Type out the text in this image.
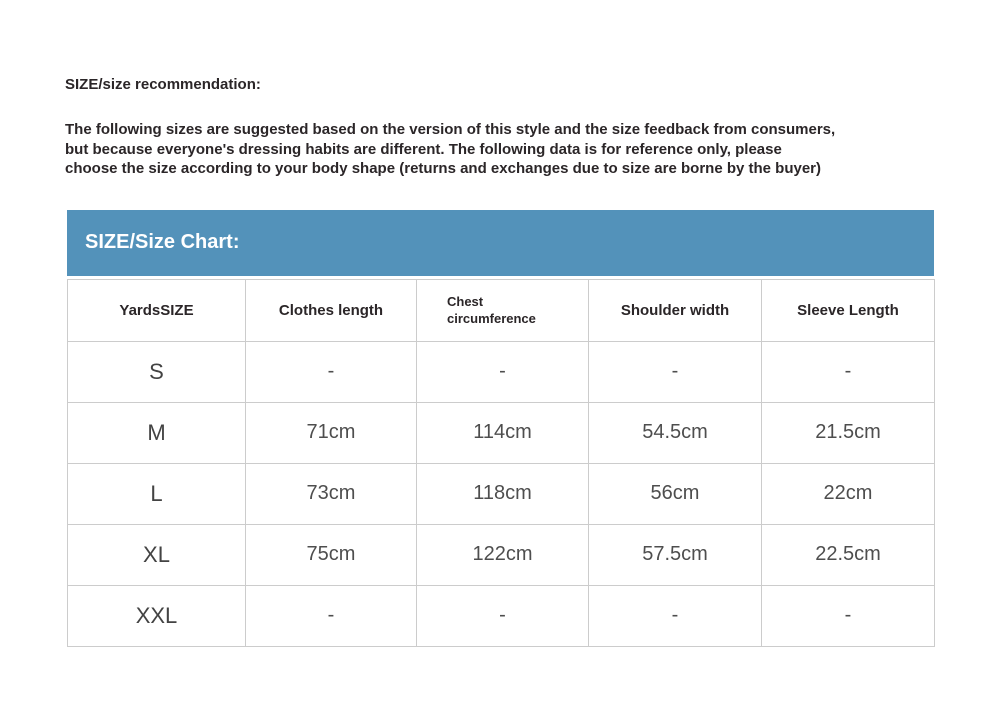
SIZE/size recommendation:
The following sizes are suggested based on the version of this style and the size feedback from consumers,
but because everyone's dressing habits are different. The following data is for reference only, please
choose the size according to your body shape (returns and exchanges due to size are borne by the buyer)
SIZE/Size Chart:
YardsSIZE	Clothes length	Chest circumference	Shoulder width	Sleeve Length
S	-	-	-	-
M	71cm	114cm	54.5cm	21.5cm
L	73cm	118cm	56cm	22cm
XL	75cm	122cm	57.5cm	22.5cm
XXL	-	-	-	-
